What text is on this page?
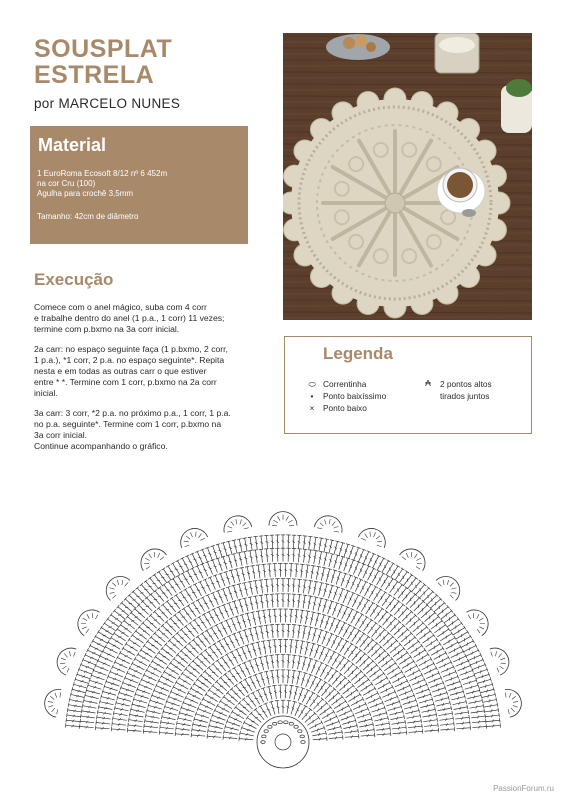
SOUSPLAT
ESTRELA
por MARCELO NUNES
Material
1 EuroRoma Ecosoft 8/12 nº 6 452m
na cor Cru (100)
Agulha para crochê 3,5mm
Tamanho: 42cm de diâmetro
Execução

Comece com o anel mágico, suba com 4 corr
e trabalhe dentro do anel (1 p.a., 1 corr) 11 vezes;
termine com p.bxmo na 3a corr inicial.

2a carr: no espaço seguinte faça (1 p.bxmo, 2 corr,
1 p.a.), *1 corr, 2 p.a. no espaço seguinte*. Repita
nesta e em todas as outras carr o que estiver
entre * *. Termine com 1 corr, p.bxmo na 2a corr
inicial.

3a carr: 3 corr, *2 p.a. no próximo p.a., 1 corr, 1 p.a.
no p.a. seguinte*. Termine com 1 corr, p.bxmo na
3a corr inicial.
Continue acompanhando o gráfico.

Legenda
⬭ Correntinha
•	Ponto baixíssimo
×	Ponto baixo
₳ 2 pontos altos
tirados juntos
PassionForum.ru
